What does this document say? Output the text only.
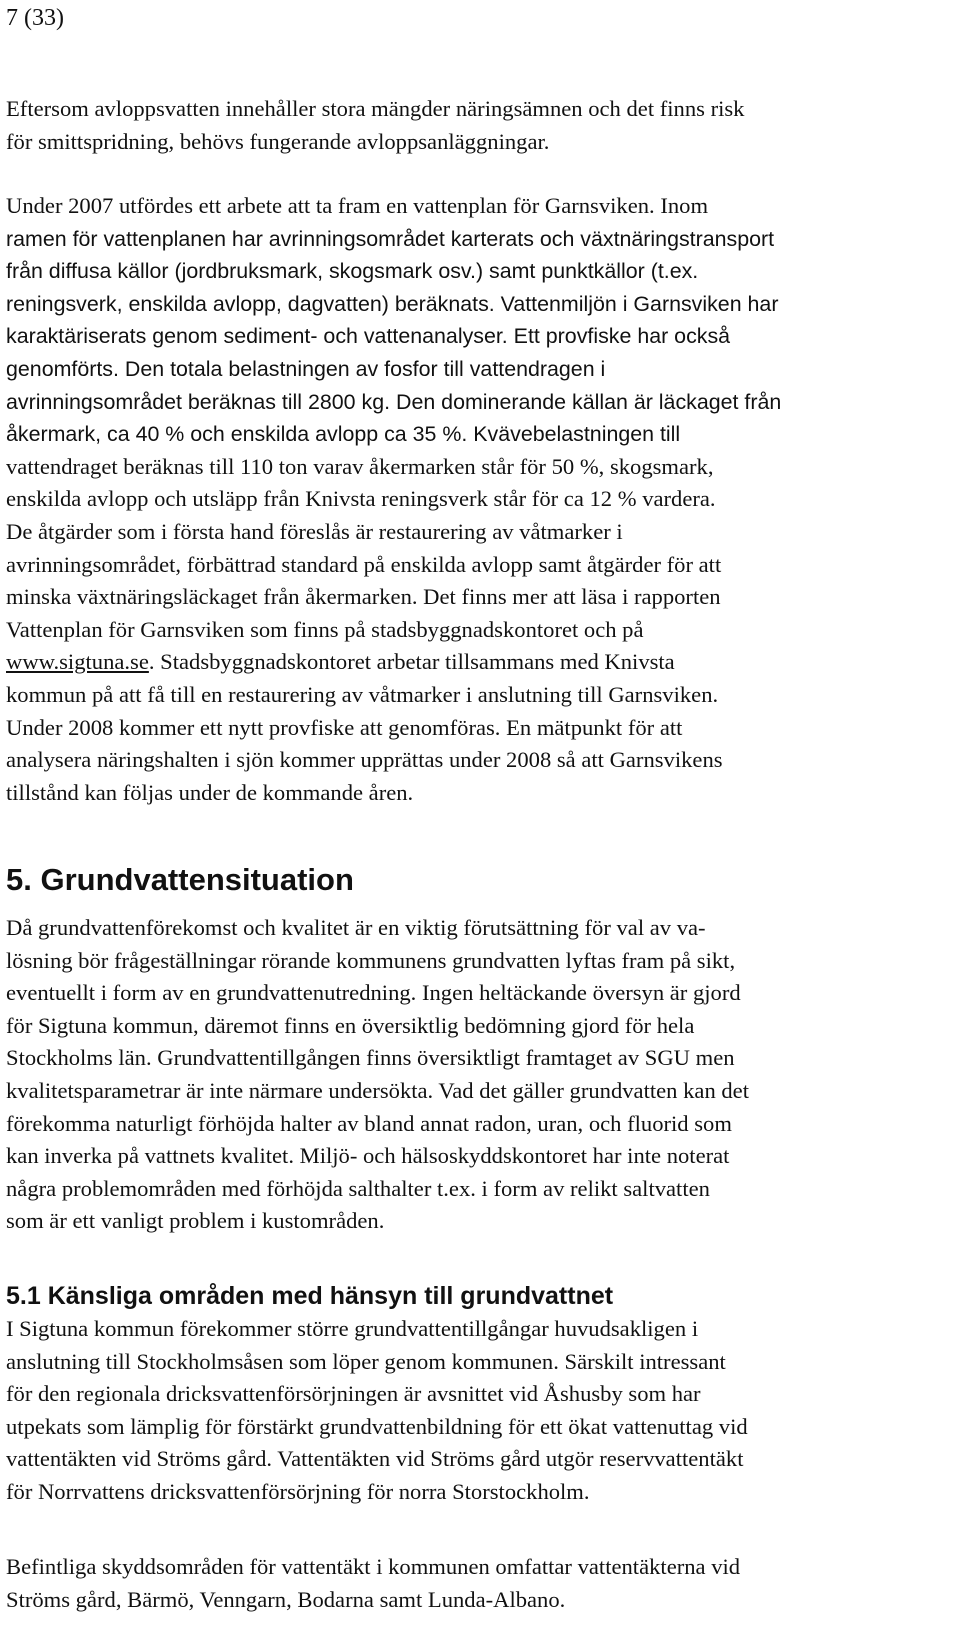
7 (33)

Eftersom avloppsvatten innehåller stora mängder näringsämnen och det finns risk
för smittspridning, behövs fungerande avloppsanläggningar.

Under 2007 utfördes ett arbete att ta fram en vattenplan för Garnsviken. Inom
ramen för vattenplanen har avrinningsområdet karterats och växtnäringstransport
från diffusa källor (jordbruksmark, skogsmark osv.) samt punktkällor (t.ex.
reningsverk, enskilda avlopp, dagvatten) beräknats. Vattenmiljön i Garnsviken har
karaktäriserats genom sediment- och vattenanalyser. Ett provfiske har också
genomförts. Den totala belastningen av fosfor till vattendragen i
avrinningsområdet beräknas till 2800 kg. Den dominerande källan är läckaget från
åkermark, ca 40 % och enskilda avlopp ca 35 %. Kvävebelastningen till
vattendraget beräknas till 110 ton varav åkermarken står för 50 %, skogsmark,
enskilda avlopp och utsläpp från Knivsta reningsverk står för ca 12 % vardera.
De åtgärder som i första hand föreslås är restaurering av våtmarker i
avrinningsområdet, förbättrad standard på enskilda avlopp samt åtgärder för att
minska växtnäringsläckaget från åkermarken. Det finns mer att läsa i rapporten
Vattenplan för Garnsviken som finns på stadsbyggnadskontoret och på
www.sigtuna.se. Stadsbyggnadskontoret arbetar tillsammans med Knivsta
kommun på att få till en restaurering av våtmarker i anslutning till Garnsviken.
Under 2008 kommer ett nytt provfiske att genomföras. En mätpunkt för att
analysera näringshalten i sjön kommer upprättas under 2008 så att Garnsvikens
tillstånd kan följas under de kommande åren.
5. Grundvattensituation

Då grundvattenförekomst och kvalitet är en viktig förutsättning för val av va-
lösning bör frågeställningar rörande kommunens grundvatten lyftas fram på sikt,
eventuellt i form av en grundvattenutredning. Ingen heltäckande översyn är gjord
för Sigtuna kommun, däremot finns en översiktlig bedömning gjord för hela
Stockholms län. Grundvattentillgången finns översiktligt framtaget av SGU men
kvalitetsparametrar är inte närmare undersökta. Vad det gäller grundvatten kan det
förekomma naturligt förhöjda halter av bland annat radon, uran, och fluorid som
kan inverka på vattnets kvalitet. Miljö- och hälsoskyddskontoret har inte noterat
några problemområden med förhöjda salthalter t.ex. i form av relikt saltvatten
som är ett vanligt problem i kustområden.

5.1 Känsliga områden med hänsyn till grundvattnet

I Sigtuna kommun förekommer större grundvattentillgångar huvudsakligen i
anslutning till Stockholmsåsen som löper genom kommunen. Särskilt intressant
för den regionala dricksvattenförsörjningen är avsnittet vid Åshusby som har
utpekats som lämplig för förstärkt grundvattenbildning för ett ökat vattenuttag vid
vattentäkten vid Ströms gård. Vattentäkten vid Ströms gård utgör reservvattentäkt
för Norrvattens dricksvattenförsörjning för norra Storstockholm.

Befintliga skyddsområden för vattentäkt i kommunen omfattar vattentäkterna vid
Ströms gård, Bärmö, Venngarn, Bodarna samt Lunda-Albano.
